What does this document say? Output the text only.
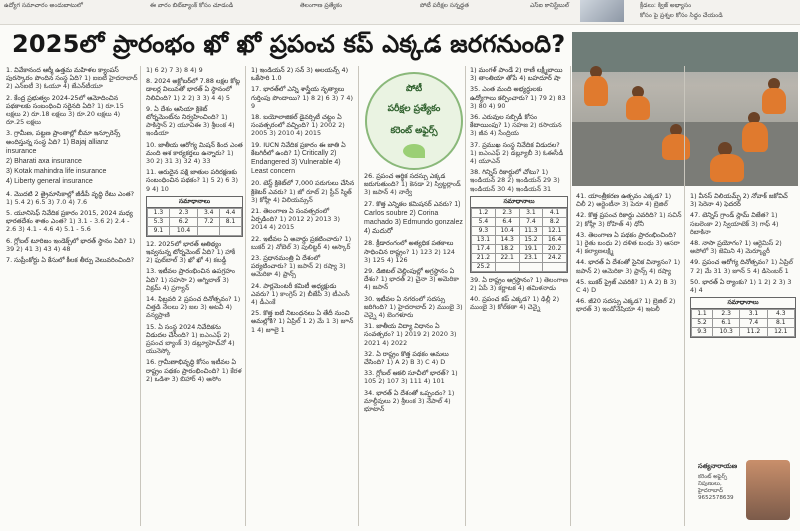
ఉద్యోగ సమాచారం అందుబాటులో	ఈ వారం బిట్‌బ్యాంక్ కోసం చూడండి	తెలంగాణ ప్రత్యేకం	పోటీ పరీక్షల సన్నద్ధత	ఎస్‌ఐ కానిస్టేబుల్	క్రీడలు: క్విజ్ అభ్యాసం
కోసం పై ప్రశ్నల కోసం సిద్ధం చేయండి
2025లో ప్రారంభం ఖో ఖో ప్రపంచ కప్ ఎక్కడ జరగనుంది?
1. వివేకానంద ఆర్మీ ఉత్తమ మహిళల క్యాంపస్ పురస్కారం పొందిన సంస్థ ఏది? 1) ఐఐటీ హైదరాబాద్ 2) ఎన్‌ఐటీ 3) ఓయూ 4) జేఎన్‌టీయూ
2. కేంద్ర ప్రభుత్వం 2024-25లో ఆమోదించిన పథకాలకు సంబంధించి సరైనది ఏది? 1) రూ.15 లక్షలు 2) రూ.18 లక్షలు 3) రూ.20 లక్షలు 4) రూ.25 లక్షలు
3. గ్రామీణ, పట్టణ ప్రాంతాల్లో బీమా ఇన్సూరెన్స్ అందిస్తున్న సంస్థ ఏది? 1) Bajaj allianz insurance
2) Bharati axa insurance
3) Kotak mahindra life insurance
4) Liberty general insurance
4. మెుదటి 2 త్రైమాసికాల్లో జీడీపీ వృద్ధి రేటు ఎంత? 1) 5.4 2) 6.5 3) 7.0 4) 7.6
5. యూనిసెఫ్ నివేదిక ప్రకారం 2015, 2024 మధ్య భారతదేశం శాతం ఎంత? 1) 3.1 - 3.6 2) 2.4 - 2.6 3) 4.1 - 4.6 4) 5.1 - 5.6
6. గ్లోబల్ టూరిజం ఇండెక్స్‌లో భారత్ స్థానం ఏది? 1) 39 2) 41 3) 43 4) 48
7. సుప్రీంకోర్టు ఏ కేసులో కీలక తీర్పు వెలువరించింది?
1) 6 2) 7 3) 8 4) 9
8. 2024 అక్టోబర్‌లో 7.88 లక్షల కోట్ల డాలర్ల విలువతో భారత్ ఏ స్థానంలో నిలిచింది? 1) 2 2) 3 3) 4 4) 5
9. ఏ దేశం ఆసియా క్రికెట్ టోర్నమెంట్‌ను నిర్వహించింది? 1) పాకిస్తాన్ 2) యూఏఈ 3) శ్రీలంక 4) ఇండియా
10. జాతీయ ఆరోగ్య మిషన్ కింద ఎంత మంది ఆశ కార్యకర్తలు ఉన్నారు? 1) 30 2) 31 3) 32 4) 33
11. అరుదైన పక్షి జాతుల పరిరక్షణకు సంబంధించిన పథకం? 1) 5 2) 6 3) 9 4) 10
సమాధానాలు
1.3	2.3	3.4	4.4
5.3	6.2	7.2	8.1
9.1	10.4		
12. 2025లో భారత్ ఆతిథ్యం ఇవ్వనున్న టోర్నమెంట్ ఏది? 1) హాకీ 2) ఫుట్‌బాల్ 3) ఖో ఖో 4) కబడ్డీ
13. ఇటీవల ప్రారంభించిన ఉపగ్రహం ఏది? 1) సహసా 2) అగ్నిబాణ్ 3) విక్రమ్ 4) ప్రగ్యాన్
14. ఫిబ్రవరి 2 ప్రపంచ దినోత్సవం? 1) చిత్తడి నేలలు 2) జల 3) అటవీ 4) వన్యప్రాణి
15. ఏ సంస్థ 2024 నివేదికను విడుదల చేసింది? 1) ఐఎంఎఫ్ 2) ప్రపంచ బ్యాంక్ 3) డబ్ల్యూహెచ్‌వో 4) యునెస్కో
16. గ్రామీణాభివృద్ధి కోసం ఇటీవల ఏ రాష్ట్రం పథకం ప్రారంభించింది? 1) కేరళ 2) ఒడిశా 3) బిహార్ 4) అసోం
1) ఇండియన్ 2) సన్ 3) అలయన్స్ 4) ఒకేసారి 1.0
17. భారత్‌లో ఎన్ని శాస్త్రీయ నృత్యాలు గుర్తింపు పొందాయి? 1) 8 2) 6 3) 7 4) 9
18. బయోలాజికల్ డైవర్సిటీ చట్టం ఏ సంవత్సరంలో వచ్చింది? 1) 2002 2) 2005 3) 2010 4) 2015
19. IUCN నివేదిక ప్రకారం ఈ జాతి ఏ కేటగిరీలో ఉంది? 1) Critically 2) Endangered 3) Vulnerable 4) Least concern
20. టెస్ట్ క్రికెట్‌లో 7,000 పరుగులు చేసిన క్రికెటర్ ఎవరు? 1) జో రూట్ 2) స్టీవ్ స్మిత్ 3) కోహ్లీ 4) విలియమ్సన్
21. తెలంగాణ ఏ సంవత్సరంలో ఏర్పడింది? 1) 2012 2) 2013 3) 2014 4) 2015
22. ఇటీవల ఏ అవార్డు ప్రకటించారు? 1) బుకర్ 2) నోబెల్ 3) పులిట్జర్ 4) ఆస్కార్
23. ప్రధానమంత్రి ఏ దేశంలో పర్యటించారు? 1) జపాన్ 2) రష్యా 3) అమెరికా 4) ఫ్రాన్స్
24. పార్లమెంటరీ కమిటీ అధ్యక్షుడు ఎవరు? 1) కాంగ్రెస్ 2) బీజేపీ 3) టీఎంసీ 4) డీఎంకే
25. కొత్త ఐటీ నిబంధనలు ఏ తేదీ నుంచి అమల్లోకి? 1) ఏప్రిల్ 1 2) మే 1 3) జూన్ 1 4) జూలై 1
పోటీ
పరీక్షల ప్రత్యేకం
కరెంట్ అఫైర్స్
26. ప్రపంచ ఆర్థిక సదస్సు ఎక్కడ జరుగుతుంది? 1) కెనడా 2) స్విట్జర్లాండ్ 3) జపాన్ 4) నార్వే
27. కొత్త ఎన్నికల కమిషనర్ ఎవరు? 1) Carlos soubre 2) Corina machado 3) Edmundo gonzalez 4) మదురో
28. క్రీడారంగంలో అత్యధిక పతకాలు సాధించిన రాష్ట్రం? 1) 123 2) 124 3) 125 4) 126
29. డిజిటల్ చెల్లింపుల్లో అగ్రస్థానం ఏ దేశం? 1) భారత్ 2) చైనా 3) అమెరికా 4) జపాన్
30. ఇటీవల ఏ నగరంలో సదస్సు జరిగింది? 1) హైదరాబాద్ 2) ముంబై 3) చెన్నై 4) బెంగళూరు
31. జాతీయ విద్యా విధానం ఏ సంవత్సరం? 1) 2019 2) 2020 3) 2021 4) 2022
32. ఏ రాష్ట్రం కొత్త పథకం అమలు చేసింది? 1) A 2) B 3) C 4) D
33. గ్లోబల్ ఆకలి సూచీలో భారత్? 1) 105 2) 107 3) 111 4) 101
34. భారత్ ఏ దేశంతో ఒప్పందం? 1) మాల్దీవులు 2) శ్రీలంక 3) నేపాల్ 4) భూటాన్
1) మంగళ్ పాండే 2) రాణీ లక్ష్మీబాయి 3) తాంతియా తోపే 4) బహదూర్ షా
35. ఎంత మంది అభ్యర్థులకు ఉద్యోగాలు కల్పించారు? 1) 79 2) 83 3) 80 4) 90
36. ఎరువుల సబ్సిడీ కోసం కేటాయింపు? 1) సహజ 2) రసాయన 3) జీవ 4) సేంద్రియ
37. ప్రముఖ సంస్థ నివేదిక విడుదల? 1) ఐఎంఎఫ్ 2) డబ్ల్యూబీ 3) ఓఈసీడీ 4) యూఎన్
38. గిన్నిస్ రికార్డులో చోటు? 1) ఇండియన్ 28 2) ఇండియన్ 29 3) ఇండియన్ 30 4) ఇండియన్ 31
సమాధానాలు
1.2	2.3	3.1	4.1
5.4	6.4	7.4	8.2
9.3	10.4	11.3	12.1
13.1	14.3	15.2	16.4
17.4	18.2	19.1	20.2
21.2	22.1	23.1	24.2
25.2			
39. ఏ రాష్ట్రం అగ్రస్థానం? 1) తెలంగాణ 2) ఏపీ 3) కర్ణాటక 4) తమిళనాడు
40. ప్రపంచ కప్ ఎక్కడ? 1) ఢిల్లీ 2) ముంబై 3) కోల్‌కతా 4) చెన్నై
41. యాంత్రీకరణ ఉత్సవం ఎక్కడ? 1) చిలీ 2) అర్జెంటీనా 3) పెరూ 4) బ్రెజిల్
42. కొత్త ప్రపంచ రికార్డు ఎవరిది? 1) సచిన్ 2) కోహ్లీ 3) రోహిత్ 4) ధోనీ
43. తెలంగాణ ఏ పథకం ప్రారంభించింది? 1) రైతు బంధు 2) దళిత బంధు 3) ఆసరా 4) కల్యాణలక్ష్మి
44. భారత్ ఏ దేశంతో సైనిక విన్యాసం? 1) జపాన్ 2) అమెరికా 3) ఫ్రాన్స్ 4) రష్యా
45. బుకర్ ప్రైజ్ ఎవరికి? 1) A 2) B 3) C 4) D
46. జీ20 సదస్సు ఎక్కడ? 1) బ్రెజిల్ 2) భారత్ 3) ఇండోనేషియా 4) ఇటలీ
1) వీనస్ విలియమ్స్ 2) నోవాక్ జకోవిచ్ 3) సెరెనా 4) ఫెదరర్
47. టెన్నిస్ గ్రాండ్ స్లామ్ విజేత? 1) సబలెంకా 2) స్వియాటెక్ 3) గాఫ్ 4) రిబాకినా
48. నాసా ప్రయోగం? 1) ఆర్టెమిస్ 2) అపోలో 3) జెమిని 4) మెర్క్యూరీ
49. ప్రపంచ ఆరోగ్య దినోత్సవం? 1) ఏప్రిల్ 7 2) మే 31 3) జూన్ 5 4) డిసెంబర్ 1
50. భారత్ ఏ ర్యాంకు? 1) 1 2) 2 3) 3 4) 4
సమాధానాలు
1.1	2.3	3.1	4.3
5.2	6.1	7.4	8.1
9.3	10.3	11.2	12.1
సత్యనారాయణ
కరెంట్ అఫైర్స్ నిపుణులు, హైదరాబాద్ 9652578639
